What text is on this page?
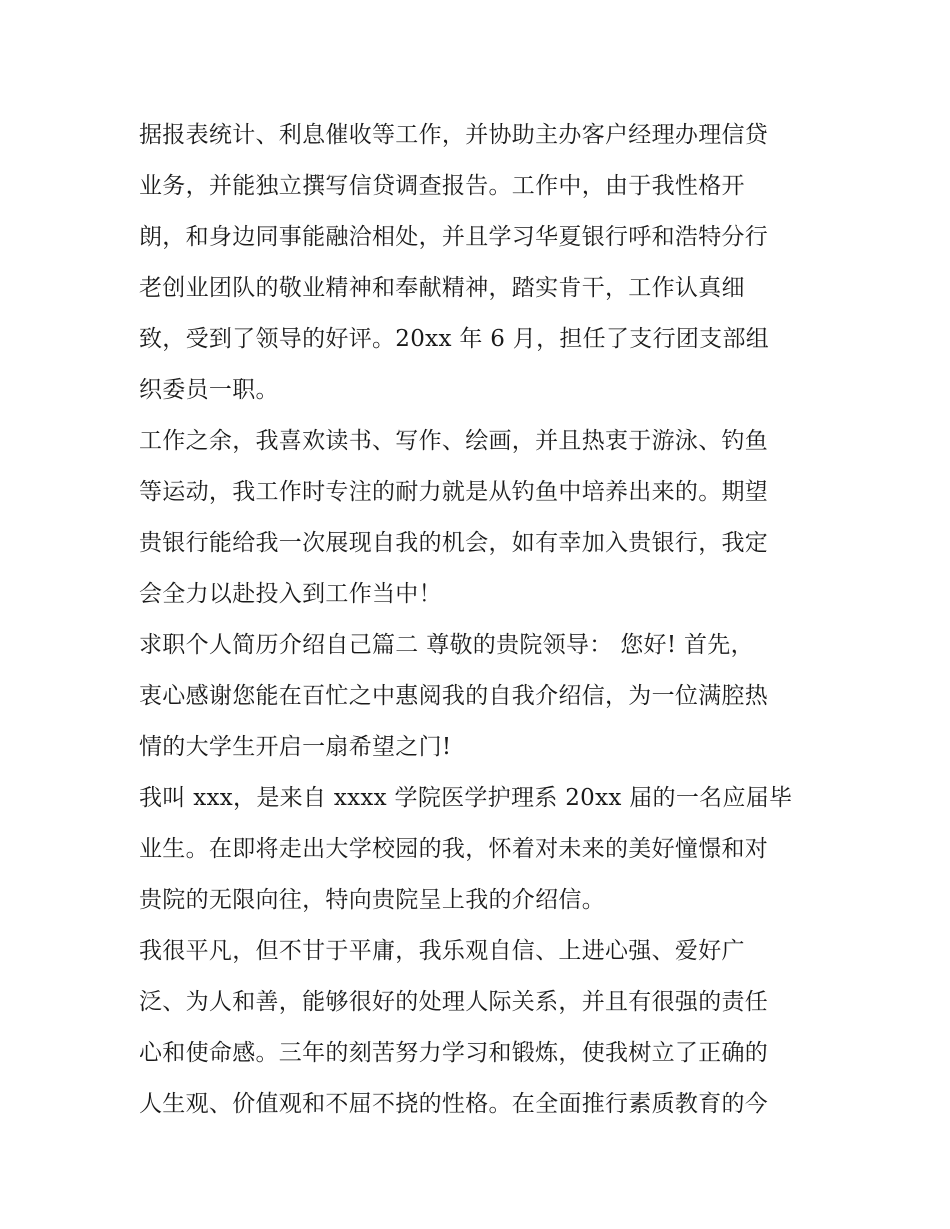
据报表统计、利息催收等工作，并协助主办客户经理办理信贷
业务，并能独立撰写信贷调查报告。工作中，由于我性格开
朗，和身边同事能融洽相处，并且学习华夏银行呼和浩特分行
老创业团队的敬业精神和奉献精神，踏实肯干，工作认真细
致，受到了领导的好评。20xx 年 6 月，担任了支行团支部组
织委员一职。
工作之余，我喜欢读书、写作、绘画，并且热衷于游泳、钓鱼
等运动，我工作时专注的耐力就是从钓鱼中培养出来的。期望
贵银行能给我一次展现自我的机会，如有幸加入贵银行，我定
会全力以赴投入到工作当中！
求职个人简历介绍自己篇二 尊敬的贵院领导： 您好! 首先，
衷心感谢您能在百忙之中惠阅我的自我介绍信，为一位满腔热
情的大学生开启一扇希望之门!
我叫 xxx，是来自 xxxx 学院医学护理系 20xx 届的一名应届毕
业生。在即将走出大学校园的我，怀着对未来的美好憧憬和对
贵院的无限向往，特向贵院呈上我的介绍信。
我很平凡，但不甘于平庸，我乐观自信、上进心强、爱好广
泛、为人和善，能够很好的处理人际关系，并且有很强的责任
心和使命感。三年的刻苦努力学习和锻炼，使我树立了正确的
人生观、价值观和不屈不挠的性格。在全面推行素质教育的今
